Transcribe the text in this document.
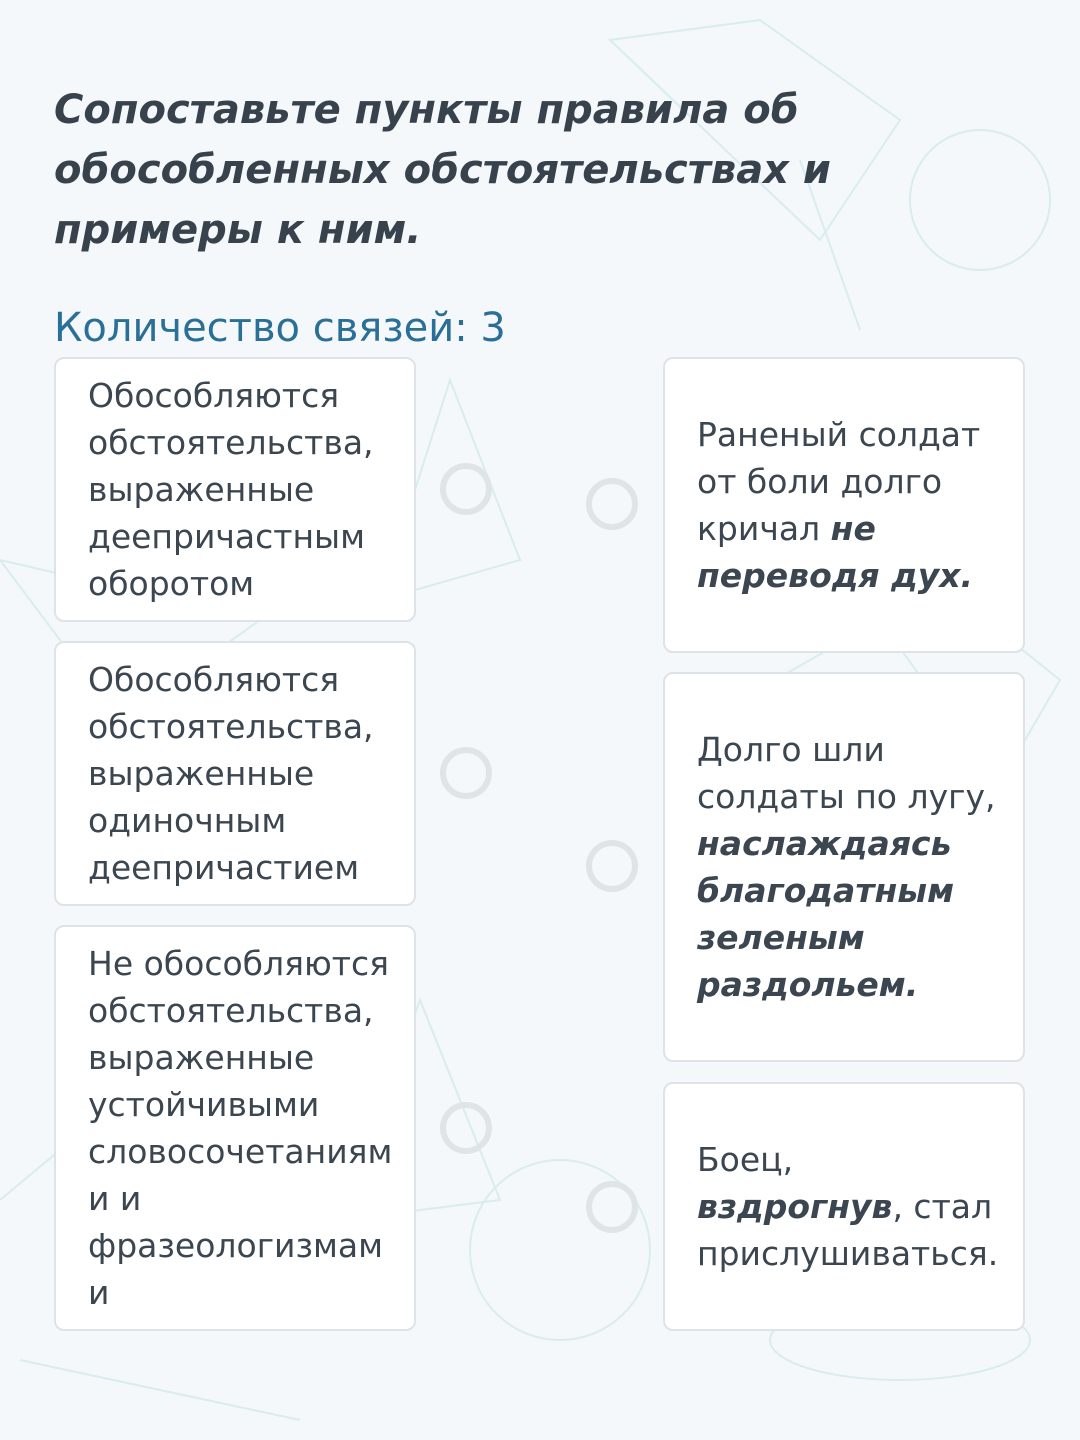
Сопоставьте пункты правила об обособленных обстоятельствах и примеры к ним.
Количество связей: 3
Обособляются обстоятельства, выраженные деепричастным оборотом
Обособляются обстоятельства, выраженные одиночным деепричастием
Не обособляются обстоятельства, выраженные устойчивыми словосочетаниями и фразеологизмами
Раненый солдат от боли долго кричал не переводя дух.
Долго шли солдаты по лугу, наслаждаясь благодатным зеленым раздольем.
Боец, вздрогнув, стал прислушиваться.
